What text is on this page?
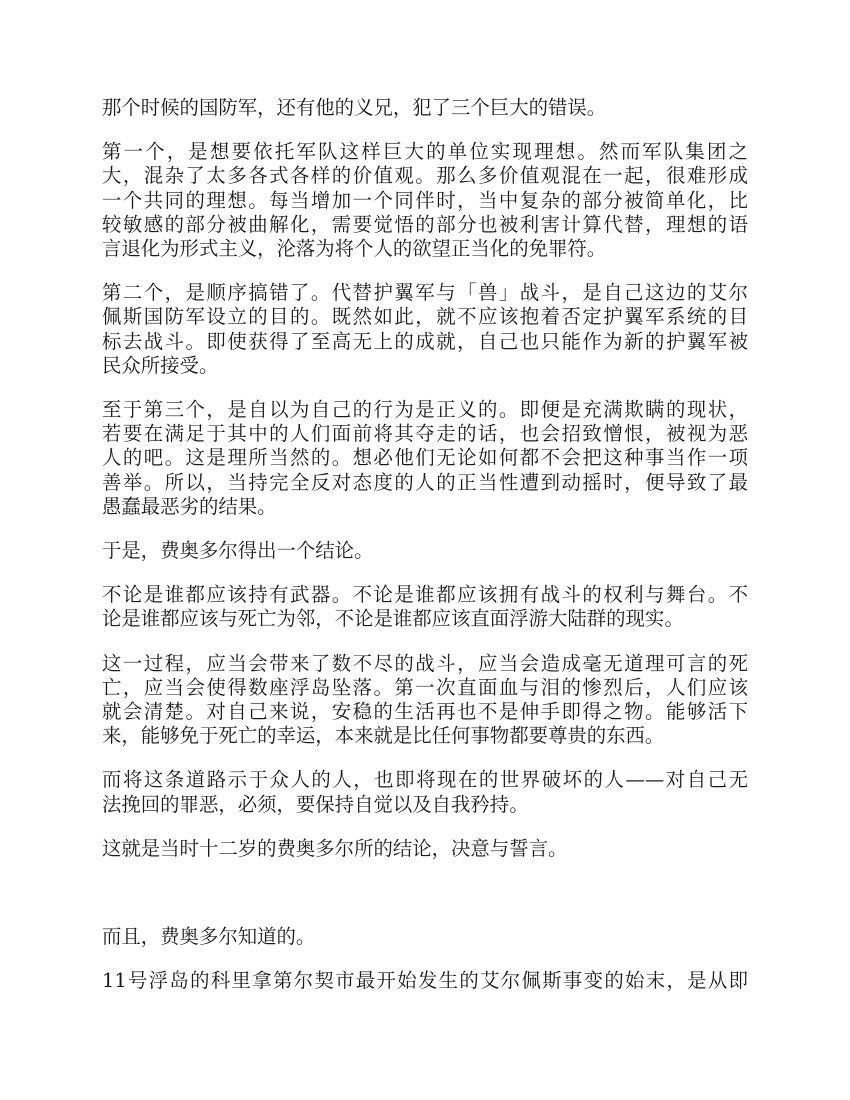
那个时候的国防军，还有他的义兄，犯了三个巨大的错误。

第一个，是想要依托军队这样巨大的单位实现理想。然而军队集团之
大，混杂了太多各式各样的价值观。那么多价值观混在一起，很难形成
一个共同的理想。每当增加一个同伴时，当中复杂的部分被简单化，比
较敏感的部分被曲解化，需要觉悟的部分也被利害计算代替，理想的语
言退化为形式主义，沦落为将个人的欲望正当化的免罪符。

第二个，是顺序搞错了。代替护翼军与「兽」战斗，是自己这边的艾尔
佩斯国防军设立的目的。既然如此，就不应该抱着否定护翼军系统的目
标去战斗。即使获得了至高无上的成就，自己也只能作为新的护翼军被
民众所接受。

至于第三个，是自以为自己的行为是正义的。即便是充满欺瞒的现状，
若要在满足于其中的人们面前将其夺走的话，也会招致憎恨，被视为恶
人的吧。这是理所当然的。想必他们无论如何都不会把这种事当作一项
善举。所以，当持完全反对态度的人的正当性遭到动摇时，便导致了最
愚蠢最恶劣的结果。

于是，费奥多尔得出一个结论。

不论是谁都应该持有武器。不论是谁都应该拥有战斗的权利与舞台。不
论是谁都应该与死亡为邻，不论是谁都应该直面浮游大陆群的现实。

这一过程，应当会带来了数不尽的战斗，应当会造成毫无道理可言的死
亡，应当会使得数座浮岛坠落。第一次直面血与泪的惨烈后，人们应该
就会清楚。对自己来说，安稳的生活再也不是伸手即得之物。能够活下
来，能够免于死亡的幸运，本来就是比任何事物都要尊贵的东西。

而将这条道路示于众人的人，也即将现在的世界破坏的人——对自己无
法挽回的罪恶，必须，要保持自觉以及自我矜持。

这就是当时十二岁的费奥多尔所的结论，决意与誓言。

而且，费奥多尔知道的。

11号浮岛的科里拿第尔契市最开始发生的艾尔佩斯事变的始末，是从即
